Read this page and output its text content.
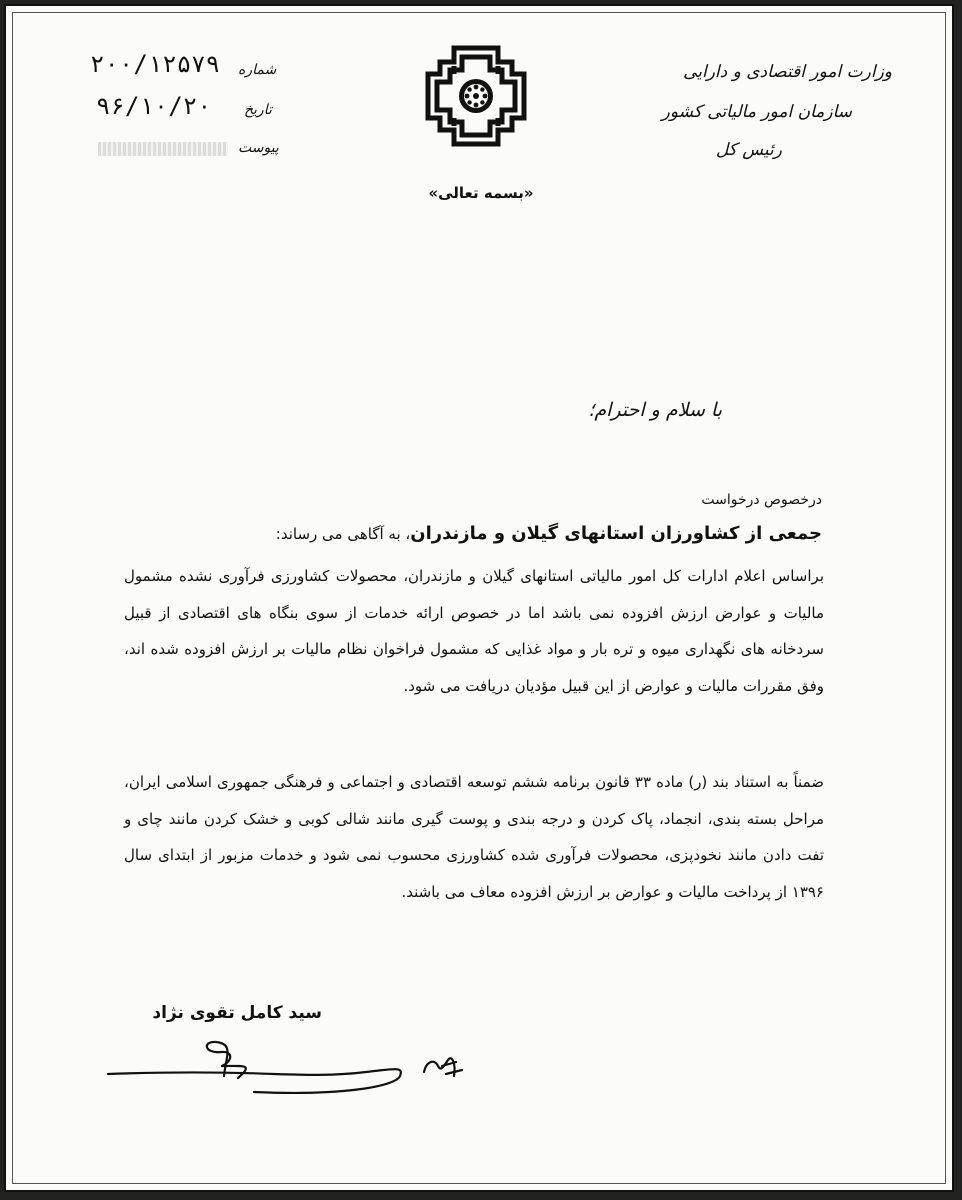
وزارت امور اقتصادی و دارایی
سازمان امور مالیاتی کشور
رئیس کل
«بسمه تعالی»
شماره
۲۰۰/۱۲۵۷۹
تاریخ
۹۶/۱۰/۲۰
پیوست
با سلام و احترام؛
درخصوص درخواست
جمعی از کشاورزان استانهای گیلان و مازندران، به آگاهی می رساند:
براساس اعلام ادارات کل امور مالیاتی استانهای گیلان و مازندران، محصولات کشاورزی فرآوری نشده مشمول مالیات و عوارض ارزش افزوده نمی باشد اما در خصوص ارائه خدمات از سوی بنگاه های اقتصادی از قبیل سردخانه های نگهداری میوه و تره بار و مواد غذایی که مشمول فراخوان نظام مالیات بر ارزش افزوده شده اند، وفق مقررات مالیات و عوارض از این قبیل مؤدیان دریافت می شود.
ضمناً به استناد بند (ر) ماده ۳۳ قانون برنامه ششم توسعه اقتصادی و اجتماعی و فرهنگی جمهوری اسلامی ایران، مراحل بسته بندی، انجماد، پاک کردن و درجه بندی و پوست گیری مانند شالی کوبی و خشک کردن مانند چای و تفت دادن مانند نخودپزی، محصولات فرآوری شده کشاورزی محسوب نمی شود و خدمات مزبور از ابتدای سال ۱۳۹۶ از پرداخت مالیات و عوارض بر ارزش افزوده معاف می باشند.
سید کامل تقوی نژاد
